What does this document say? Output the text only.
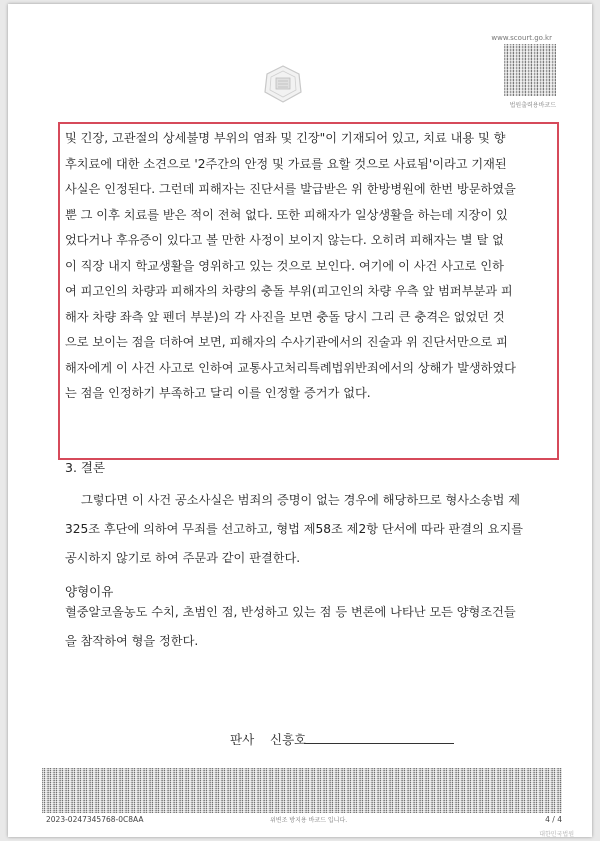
www.scourt.go.kr
법원출력용바코드
및 긴장, 고관절의 상세불명 부위의 염좌 및 긴장"이 기재되어 있고, 치료 내용 및 향
후치료에 대한 소견으로 '2주간의 안정 및 가료를 요할 것으로 사료됨'이라고 기재된
사실은 인정된다. 그런데 피해자는 진단서를 발급받은 위 한방병원에 한번 방문하였을
뿐 그 이후 치료를 받은 적이 전혀 없다. 또한 피해자가 일상생활을 하는데 지장이 있
었다거나 후유증이 있다고 볼 만한 사정이 보이지 않는다. 오히려 피해자는 별 탈 없
이 직장 내지 학교생활을 영위하고 있는 것으로 보인다. 여기에 이 사건 사고로 인하
여 피고인의 차량과 피해자의 차량의 충돌 부위(피고인의 차량 우측 앞 범퍼부분과 피
해자 차량 좌측 앞 펜더 부분)의 각 사진을 보면 충돌 당시 그리 큰 충격은 없었던 것
으로 보이는 점을 더하여 보면, 피해자의 수사기관에서의 진술과 위 진단서만으로 피
해자에게 이 사건 사고로 인하여 교통사고처리특례법위반죄에서의 상해가 발생하였다
는 점을 인정하기 부족하고 달리 이를 인정할 증거가 없다.
3. 결론
그렇다면 이 사건 공소사실은 범죄의 증명이 없는 경우에 해당하므로 형사소송법 제
325조 후단에 의하여 무죄를 선고하고, 형법 제58조 제2항 단서에 따라 판결의 요지를
공시하지 않기로 하여 주문과 같이 판결한다.
양형이유
혈중알코올농도 수치, 초범인 점, 반성하고 있는 점 등 변론에 나타난 모든 양형조건들
을 참작하여 형을 정한다.
판사 신흥호
2023-0247345768-0C8AA	위변조 방지용 바코드 입니다.	4 / 4
대한민국법원
